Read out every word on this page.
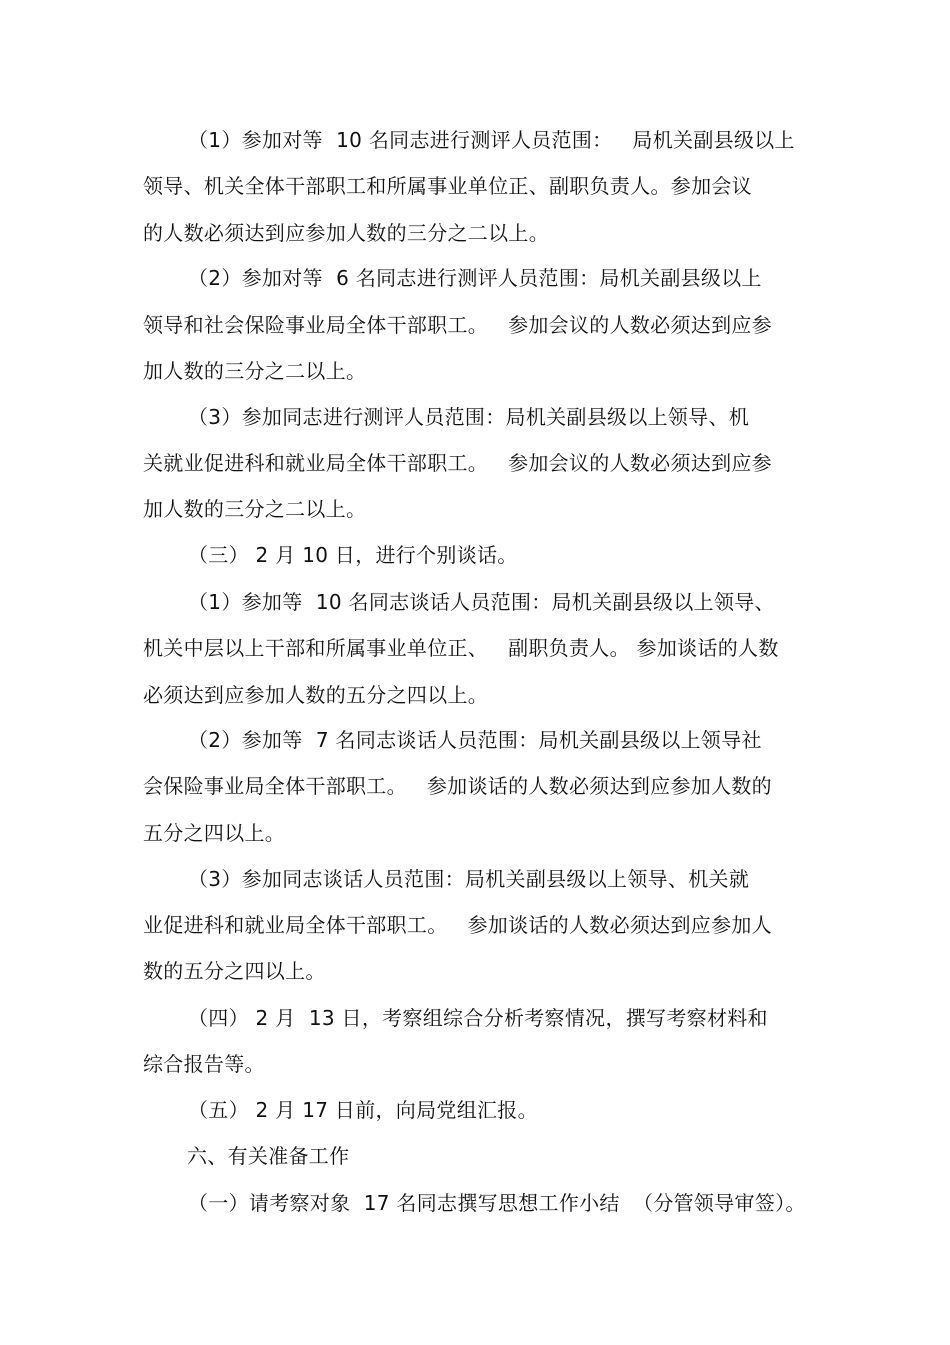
（1）参加对等  10 名同志进行测评人员范围：   局机关副县级以上
领导、机关全体干部职工和所属事业单位正、副职负责人。参加会议
的人数必须达到应参加人数的三分之二以上。
（2）参加对等  6 名同志进行测评人员范围：局机关副县级以上
领导和社会保险事业局全体干部职工。   参加会议的人数必须达到应参
加人数的三分之二以上。
（3）参加同志进行测评人员范围：局机关副县级以上领导、机
关就业促进科和就业局全体干部职工。   参加会议的人数必须达到应参
加人数的三分之二以上。
（三） 2 月 10 日，进行个别谈话。
（1）参加等  10 名同志谈话人员范围：局机关副县级以上领导、
机关中层以上干部和所属事业单位正、   副职负责人。 参加谈话的人数
必须达到应参加人数的五分之四以上。
（2）参加等  7 名同志谈话人员范围：局机关副县级以上领导社
会保险事业局全体干部职工。   参加谈话的人数必须达到应参加人数的
五分之四以上。
（3）参加同志谈话人员范围：局机关副县级以上领导、机关就
业促进科和就业局全体干部职工。   参加谈话的人数必须达到应参加人
数的五分之四以上。
（四） 2 月  13 日，考察组综合分析考察情况，撰写考察材料和
综合报告等。
（五） 2 月 17 日前，向局党组汇报。
六、有关准备工作
（一）请考察对象  17 名同志撰写思想工作小结  （分管领导审签）。
